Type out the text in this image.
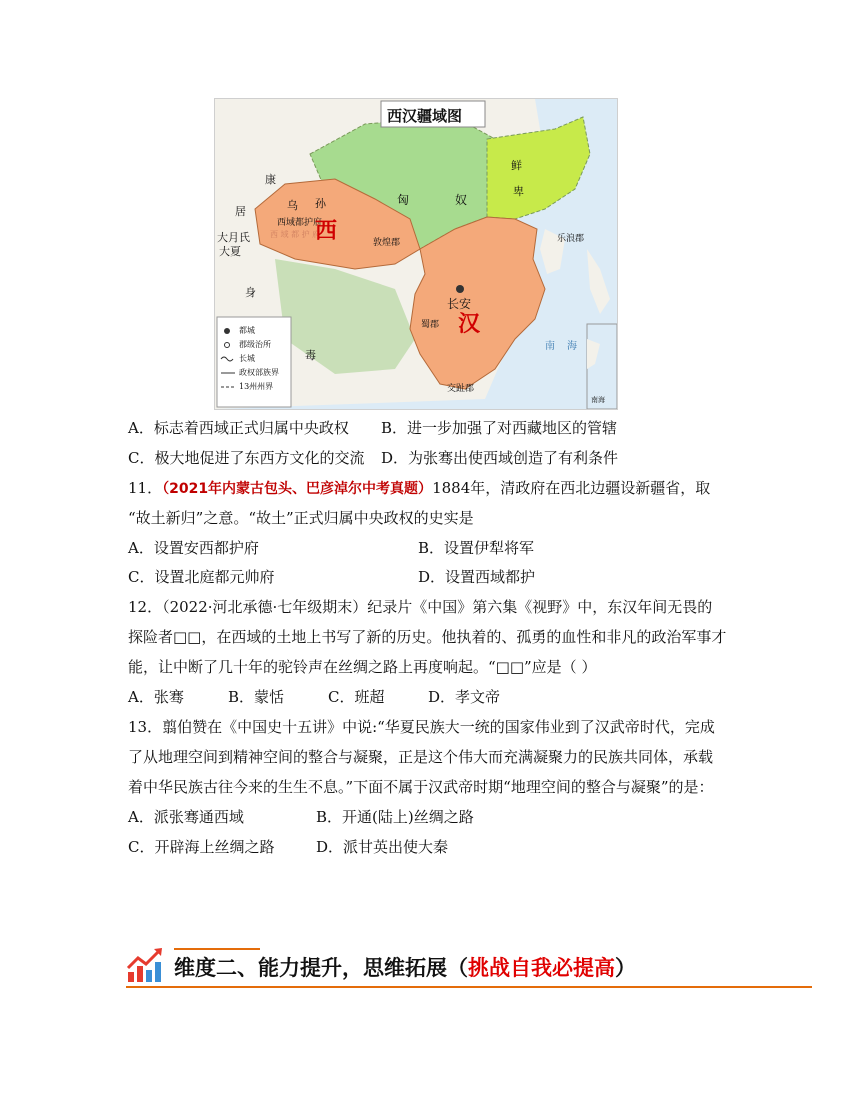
西汉疆域图
康
居	乌 孙
西域都护府
西 域 都 护 府
西
大月氏
大夏
身
毒
匈	奴
鲜
卑
敦煌郡	乐浪郡
长安
汉
蜀郡
交趾郡
南 海
南海
都城
郡级治所
长城
政权部族界
13州州界
A．标志着西域正式归属中央政权 B．进一步加强了对西藏地区的管辖
C．极大地促进了东西方文化的交流 D．为张骞出使西域创造了有利条件
11．（2021年内蒙古包头、巴彦淖尔中考真题）1884年，清政府在西北边疆设新疆省，取
“故土新归”之意。“故土”正式归属中央政权的史实是
A．设置安西都护府	B．设置伊犁将军
C．设置北庭都元帅府	D．设置西域都护
12．（2022·河北承德·七年级期末）纪录片《中国》第六集《视野》中，东汉年间无畏的
探险者□□，在西域的土地上书写了新的历史。他执着的、孤勇的血性和非凡的政治军事才
能，让中断了几十年的驼铃声在丝绸之路上再度响起。“□□”应是（ ）
A．张骞	B．蒙恬	C．班超	D．孝文帝
13．翦伯赞在《中国史十五讲》中说:“华夏民族大一统的国家伟业到了汉武帝时代，完成
了从地理空间到精神空间的整合与凝聚，正是这个伟大而充满凝聚力的民族共同体，承载
着中华民族古往今来的生生不息。”下面不属于汉武帝时期“地理空间的整合与凝聚”的是：
A．派张骞通西域	B．开通(陆上)丝绸之路
C．开辟海上丝绸之路	D．派甘英出使大秦
维度二、能力提升，思维拓展（挑战自我必提高）
